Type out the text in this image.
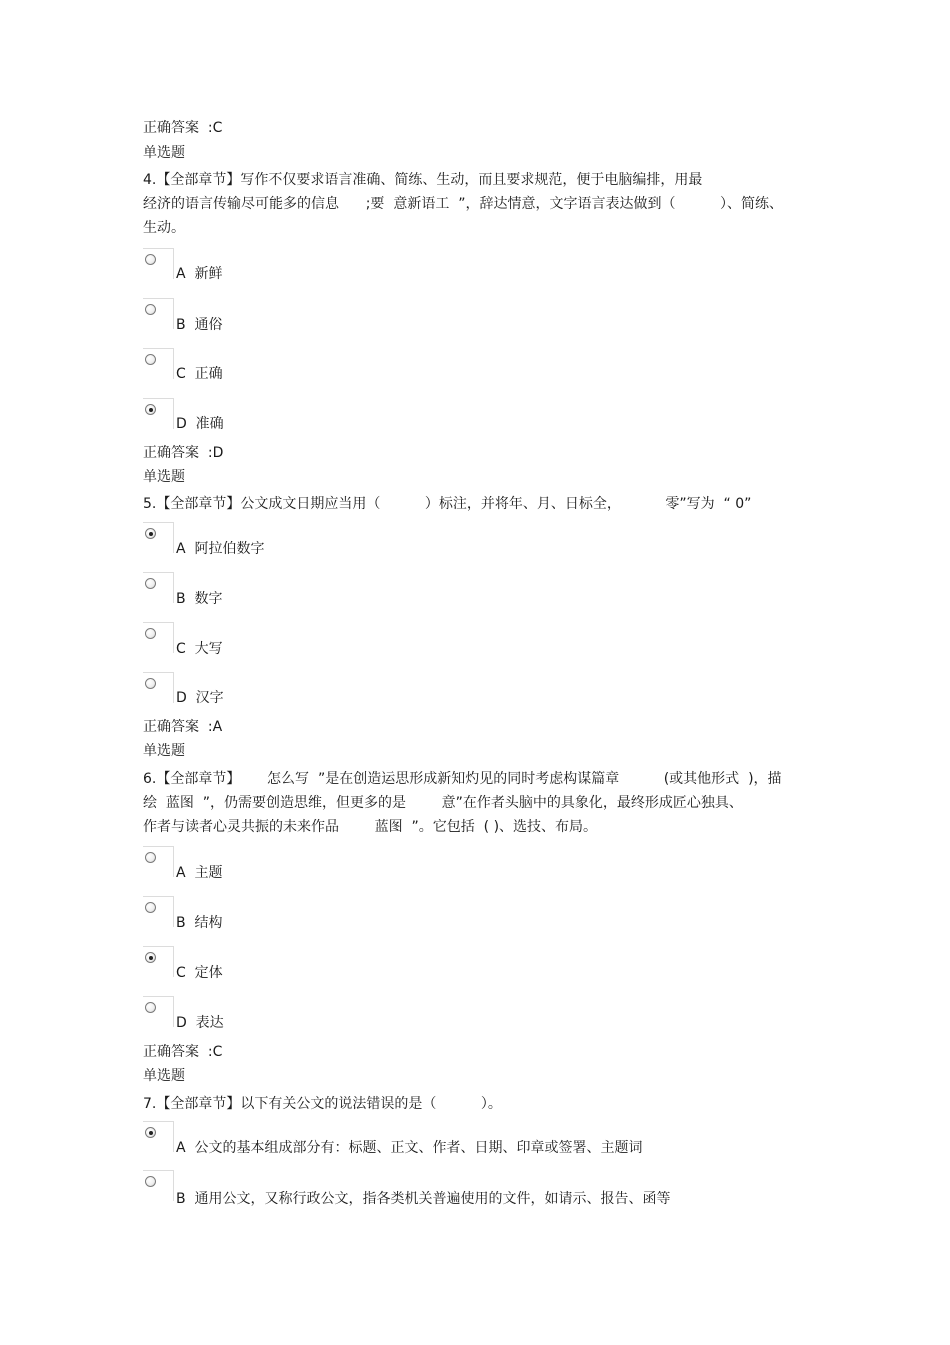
正确答案  :C
单选题
4.【全部章节】写作不仅要求语言准确、简练、生动，而且要求规范，便于电脑编排，用最
经济的语言传输尽可能多的信息      ;要  意新语工  ”，辞达情意，文字语言表达做到（          ）、简练、
生动。
A  新鲜
B  通俗
C  正确
D  准确
正确答案  :D
单选题
5.【全部章节】公文成文日期应当用（          ）标注，并将年、月、日标全，          零”写为  “ 0”
A  阿拉伯数字
B  数字
C  大写
D  汉字
正确答案  :A
单选题
6.【全部章节】      怎么写  ”是在创造运思形成新知灼见的同时考虑构谋篇章          (或其他形式  )，描
绘  蓝图  ”，仍需要创造思维，但更多的是        意”在作者头脑中的具象化，最终形成匠心独具、
作者与读者心灵共振的未来作品        蓝图  ”。它包括  ( )、选技、布局。
A  主题
B  结构
C  定体
D  表达
正确答案  :C
单选题
7.【全部章节】以下有关公文的说法错误的是（          ）。
A  公文的基本组成部分有：标题、正文、作者、日期、印章或签署、主题词
B  通用公文，又称行政公文，指各类机关普遍使用的文件，如请示、报告、函等
